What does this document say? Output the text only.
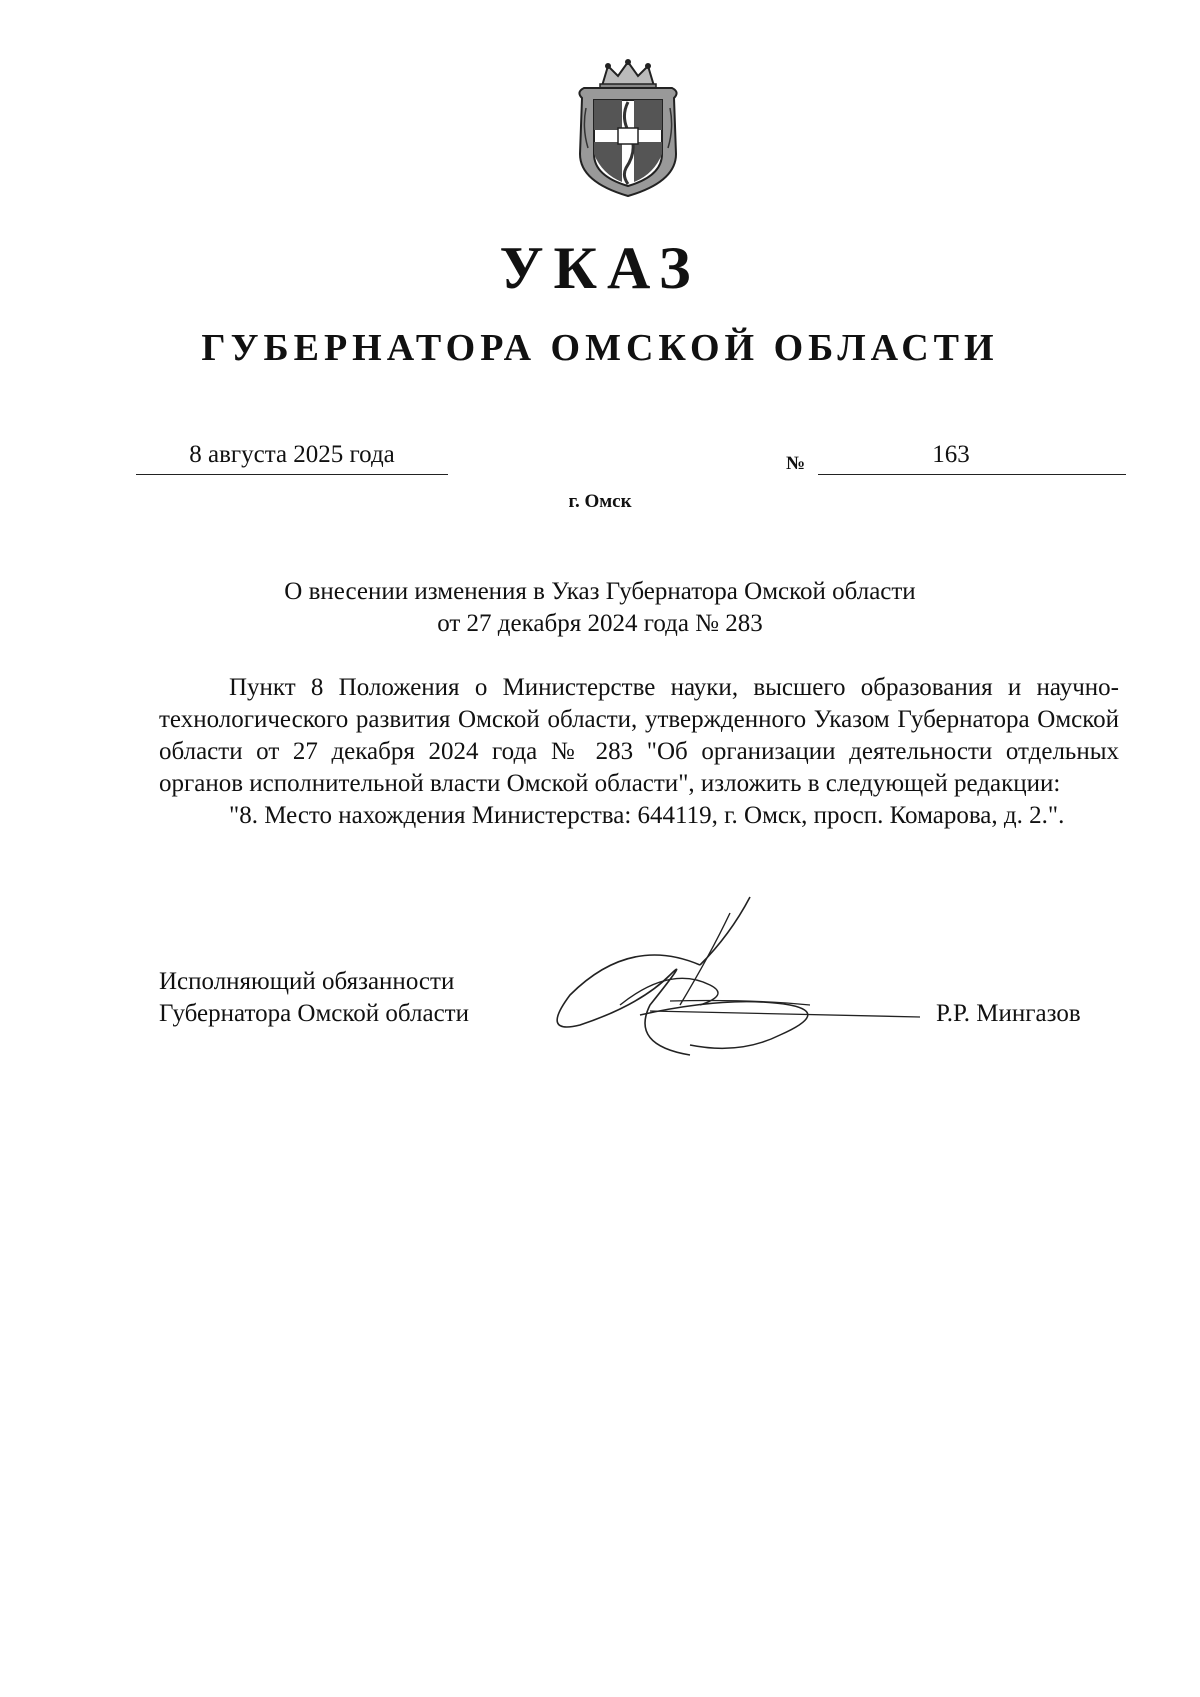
УКАЗ
ГУБЕРНАТОРА ОМСКОЙ ОБЛАСТИ
8 августа 2025 года	№	163
г. Омск
О внесении изменения в Указ Губернатора Омской области
от 27 декабря 2024 года № 283

Пункт 8 Положения о Министерстве науки, высшего образования и научно-технологического развития Омской области, утвержденного Указом Губернатора Омской области от 27 декабря 2024 года № 283 "Об организации деятельности отдельных органов исполнительной власти Омской области", изложить в следующей редакции:

"8. Место нахождения Министерства: 644119, г. Омск, просп. Комарова, д. 2.".

Исполняющий обязанности
Губернатора Омской области	Р.Р. Мингазов
